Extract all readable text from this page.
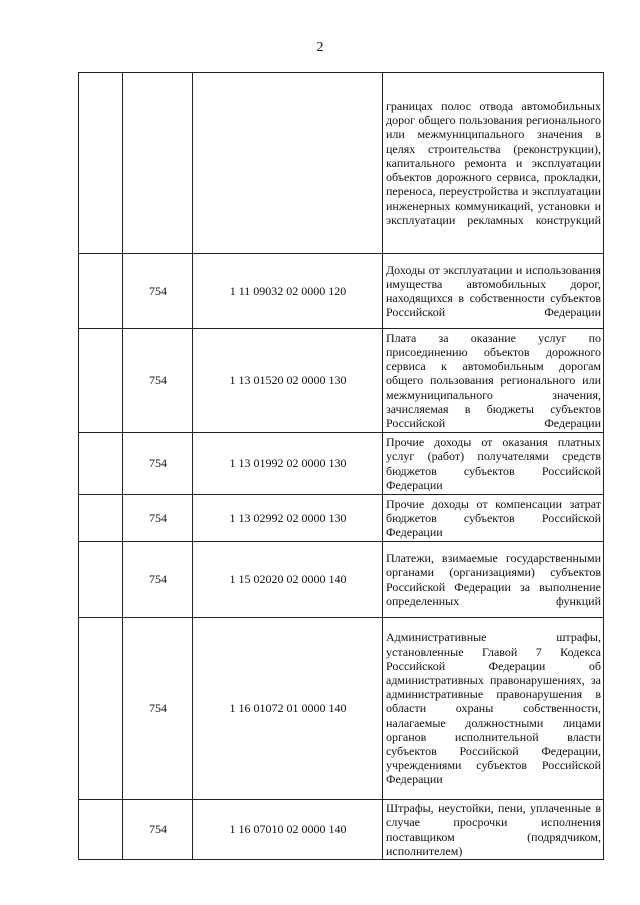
2
			границах полос отвода автомобильных дорог общего пользования регионального или межмуниципального значения в целях строительства (реконструкции), капитального ремонта и эксплуатации объектов дорожного сервиса, прокладки, переноса, переустройства и эксплуатации инженерных коммуникаций, установки и эксплуатации рекламных конструкций
	754	1 11 09032 02 0000 120	Доходы от эксплуатации и использования имущества автомобильных дорог, находящихся в собственности субъектов Российской Федерации
	754	1 13 01520 02 0000 130	Плата за оказание услуг по присоединению объектов дорожного сервиса к автомобильным дорогам общего пользования регионального или межмуниципального значения, зачисляемая в бюджеты субъектов Российской Федерации
	754	1 13 01992 02 0000 130	Прочие доходы от оказания платных услуг (работ) получателями средств бюджетов субъектов Российской Федерации
	754	1 13 02992 02 0000 130	Прочие доходы от компенсации затрат бюджетов субъектов Российской Федерации
	754	1 15 02020 02 0000 140	Платежи, взимаемые государственными органами (организациями) субъектов Российской Федерации за выполнение определенных функций
	754	1 16 01072 01 0000 140	Административные штрафы, установленные Главой 7 Кодекса Российской Федерации об административных правонарушениях, за административные правонарушения в области охраны собственности, налагаемые должностными лицами органов исполнительной власти субъектов Российской Федерации, учреждениями субъектов Российской Федерации
	754	1 16 07010 02 0000 140	Штрафы, неустойки, пени, уплаченные в случае просрочки исполнения поставщиком (подрядчиком, исполнителем)
